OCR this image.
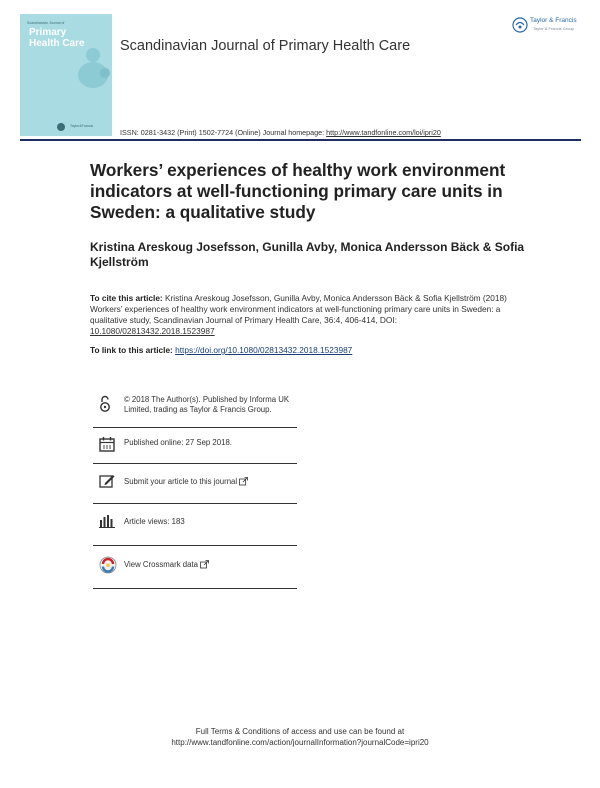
Scandinavian Journal of
Primary
Health Care
Taylor&Francis
Taylor & Francis
Taylor & Francis Group
Scandinavian Journal of Primary Health Care
ISSN: 0281-3432 (Print) 1502-7724 (Online) Journal homepage: http://www.tandfonline.com/loi/ipri20
Workers’ experiences of healthy work environment indicators at well-functioning primary care units in Sweden: a qualitative study
Kristina Areskoug Josefsson, Gunilla Avby, Monica Andersson Bäck & Sofia Kjellström
To cite this article: Kristina Areskoug Josefsson, Gunilla Avby, Monica Andersson Bäck & Sofia Kjellström (2018) Workers’ experiences of healthy work environment indicators at well-functioning primary care units in Sweden: a qualitative study, Scandinavian Journal of Primary Health Care, 36:4, 406-414, DOI: 10.1080/02813432.2018.1523987
To link to this article: https://doi.org/10.1080/02813432.2018.1523987
© 2018 The Author(s). Published by Informa UK Limited, trading as Taylor & Francis Group.
Published online: 27 Sep 2018.
Submit your article to this journal
Article views: 183
View Crossmark data
Full Terms & Conditions of access and use can be found at
http://www.tandfonline.com/action/journalInformation?journalCode=ipri20
